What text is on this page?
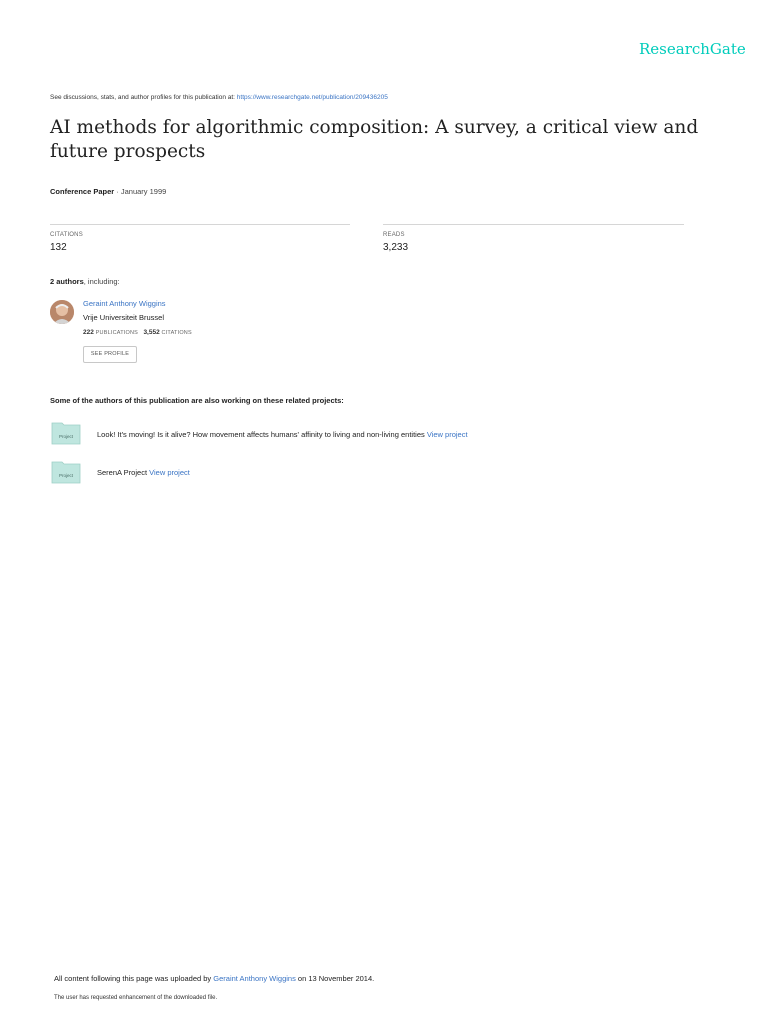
ResearchGate
See discussions, stats, and author profiles for this publication at: https://www.researchgate.net/publication/209436205
AI methods for algorithmic composition: A survey, a critical view and future prospects
Conference Paper · January 1999
CITATIONS
132
READS
3,233
2 authors, including:
Geraint Anthony Wiggins
Vrije Universiteit Brussel
222 PUBLICATIONS 3,552 CITATIONS
SEE PROFILE
Some of the authors of this publication are also working on these related projects:
Project	Look! It's moving! Is it alive? How movement affects humans' affinity to living and non-living entities View project
Project	SerenA Project View project
All content following this page was uploaded by Geraint Anthony Wiggins on 13 November 2014.
The user has requested enhancement of the downloaded file.
